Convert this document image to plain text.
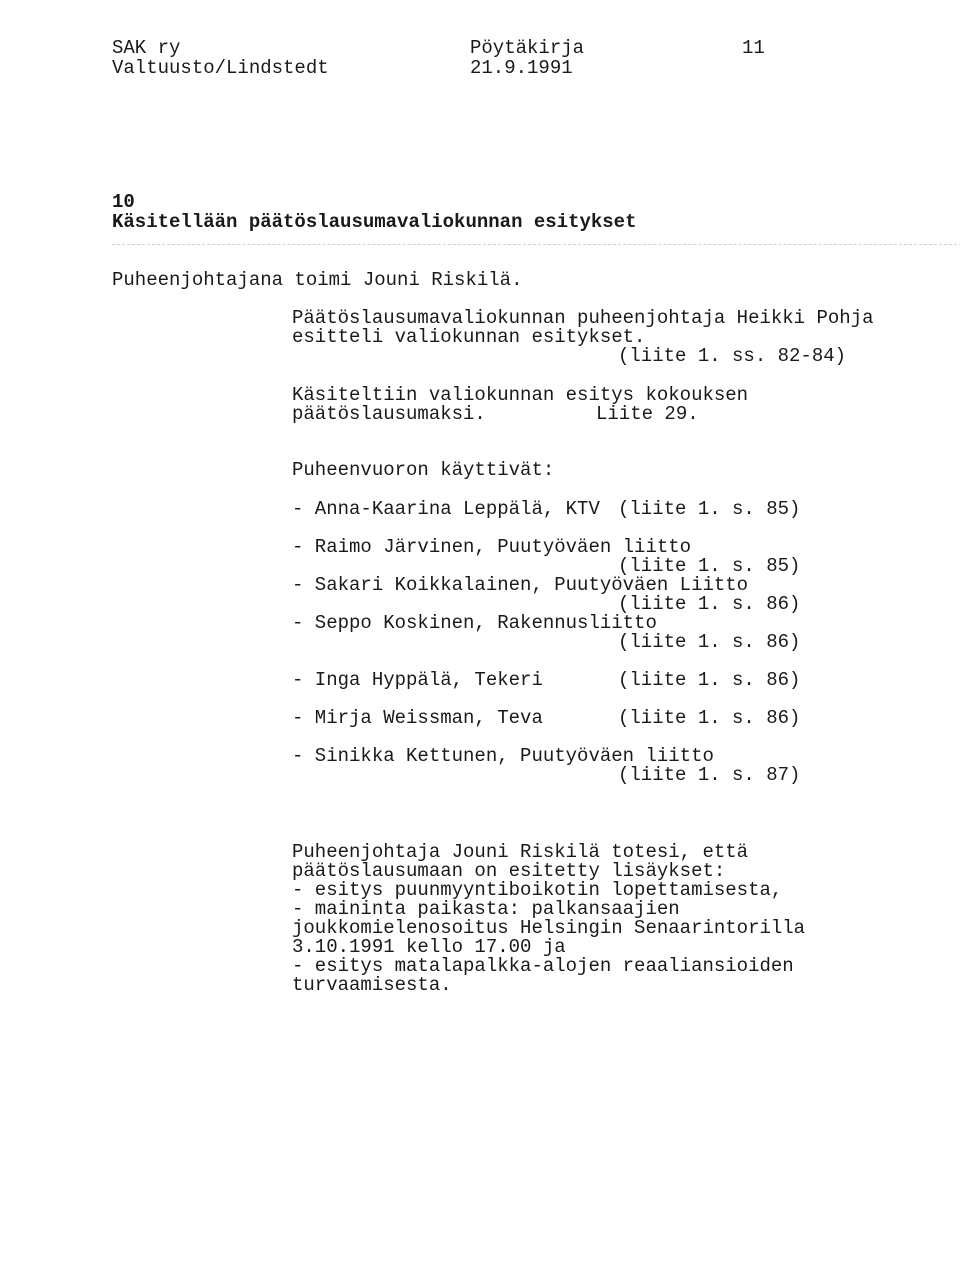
SAK ry	Pöytäkirja	11
Valtuusto/Lindstedt	21.9.1991
10
Käsitellään päätöslausumavaliokunnan esitykset
Puheenjohtajana toimi Jouni Riskilä.
Päätöslausumavaliokunnan puheenjohtaja Heikki Pohja
esitteli valiokunnan esitykset.
(liite 1. ss. 82-84)
Käsiteltiin valiokunnan esitys kokouksen
päätöslausumaksi.	Liite 29.
Puheenvuoron käyttivät:
- Anna-Kaarina Leppälä, KTV (liite 1. s. 85)
- Raimo Järvinen, Puutyöväen liitto
(liite 1. s. 85)
- Sakari Koikkalainen, Puutyöväen Liitto
(liite 1. s. 86)
- Seppo Koskinen, Rakennusliitto
(liite 1. s. 86)
- Inga Hyppälä, Tekeri	(liite 1. s. 86)
- Mirja Weissman, Teva	(liite 1. s. 86)
- Sinikka Kettunen, Puutyöväen liitto
(liite 1. s. 87)
Puheenjohtaja Jouni Riskilä totesi, että
päätöslausumaan on esitetty lisäykset:
- esitys puunmyyntiboikotin lopettamisesta,
- maininta paikasta: palkansaajien
joukkomielenosoitus Helsingin Senaarintorilla
3.10.1991 kello 17.00 ja
- esitys matalapalkka-alojen reaaliansioiden
turvaamisesta.
